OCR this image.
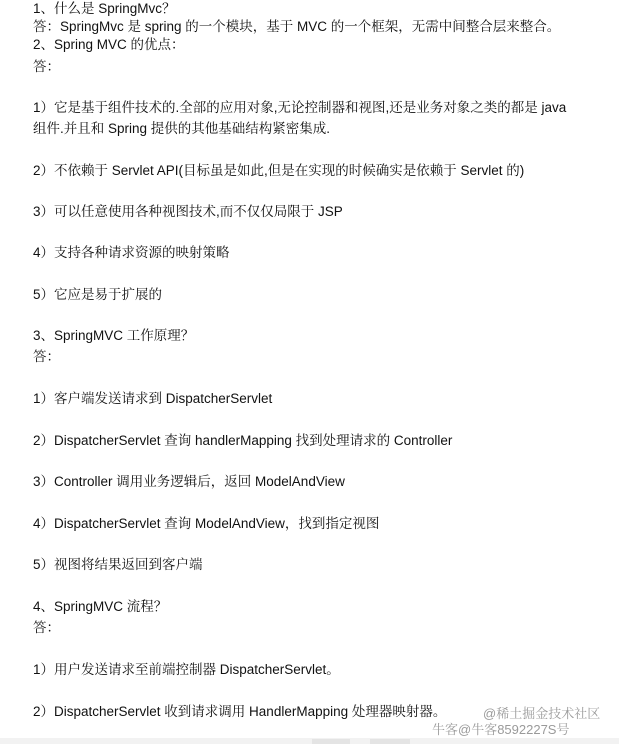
1、什么是 SpringMvc？
答：SpringMvc 是 spring 的一个模块，基于 MVC 的一个框架，无需中间整合层来整合。
2、Spring MVC 的优点：
答：
1）它是基于组件技术的.全部的应用对象,无论控制器和视图,还是业务对象之类的都是 java
组件.并且和 Spring 提供的其他基础结构紧密集成.
2）不依赖于 Servlet API(目标虽是如此,但是在实现的时候确实是依赖于 Servlet 的)
3）可以任意使用各种视图技术,而不仅仅局限于 JSP
4）支持各种请求资源的映射策略
5）它应是易于扩展的
3、SpringMVC 工作原理？
答：
1）客户端发送请求到 DispatcherServlet
2）DispatcherServlet 查询 handlerMapping 找到处理请求的 Controller
3）Controller 调用业务逻辑后，返回 ModelAndView
4）DispatcherServlet 查询 ModelAndView，找到指定视图
5）视图将结果返回到客户端
4、SpringMVC 流程？
答：
1）用户发送请求至前端控制器 DispatcherServlet。
2）DispatcherServlet 收到请求调用 HandlerMapping 处理器映射器。	@稀土掘金技术社区
牛客@牛客8592227S号
